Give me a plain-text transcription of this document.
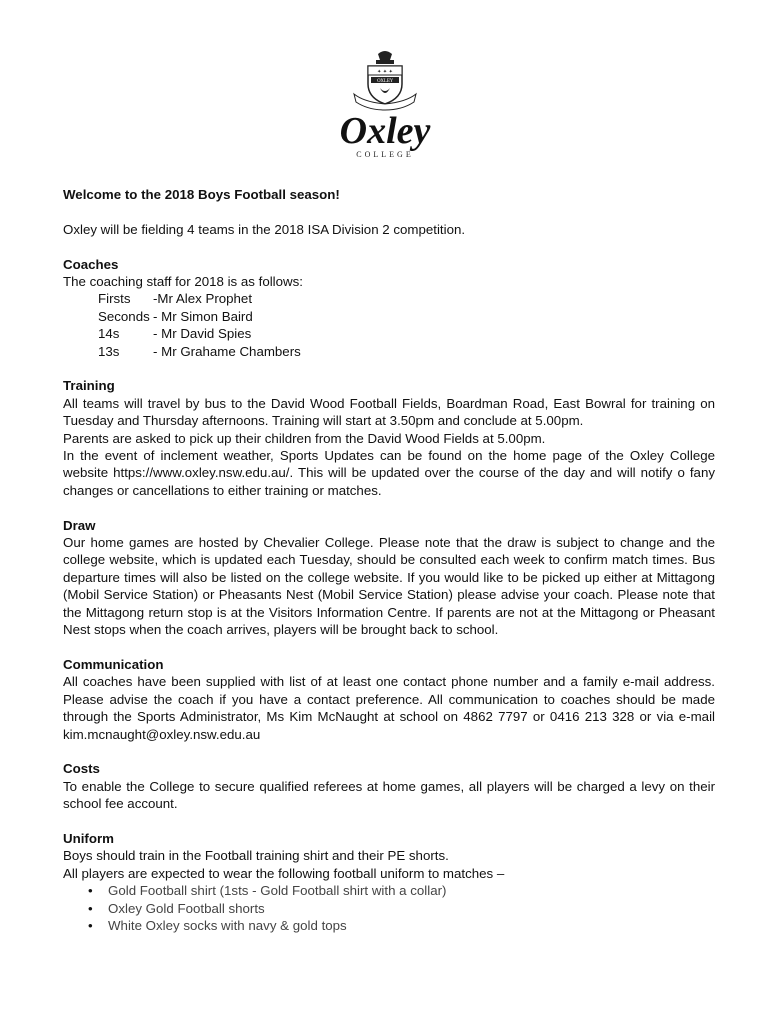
✦ ✦ ✦
OXLEY
Oxley
COLLEGE

Welcome to the 2018 Boys Football season!

Oxley will be fielding 4 teams in the 2018 ISA Division 2 competition.

Coaches

The coaching staff for 2018 is as follows:

Firsts -Mr Alex Prophet
Seconds - Mr Simon Baird
14s	- Mr David Spies
13s	- Mr Grahame Chambers

Training

All teams will travel by bus to the David Wood Football Fields, Boardman Road, East Bowral for training on Tuesday and Thursday afternoons. Training will start at 3.50pm and conclude at 5.00pm.

Parents are asked to pick up their children from the David Wood Fields at 5.00pm.

In the event of inclement weather, Sports Updates can be found on the home page of the Oxley College website https://www.oxley.nsw.edu.au/. This will be updated over the course of the day and will notify o fany changes or cancellations to either training or matches.

Draw

Our home games are hosted by Chevalier College. Please note that the draw is subject to change and the college website, which is updated each Tuesday, should be consulted each week to confirm match times. Bus departure times will also be listed on the college website. If you would like to be picked up either at Mittagong (Mobil Service Station) or Pheasants Nest (Mobil Service Station) please advise your coach. Please note that the Mittagong return stop is at the Visitors Information Centre. If parents are not at the Mittagong or Pheasant Nest stops when the coach arrives, players will be brought back to school.

Communication

All coaches have been supplied with list of at least one contact phone number and a family e-mail address. Please advise the coach if you have a contact preference. All communication to coaches should be made through the Sports Administrator, Ms Kim McNaught at school on 4862 7797 or 0416 213 328 or via e-mail kim.mcnaught@oxley.nsw.edu.au

Costs

To enable the College to secure qualified referees at home games, all players will be charged a levy on their school fee account.

Uniform

Boys should train in the Football training shirt and their PE shorts.

All players are expected to wear the following football uniform to matches –

• Gold Football shirt (1sts - Gold Football shirt with a collar)
• Oxley Gold Football shorts
• White Oxley socks with navy & gold tops
